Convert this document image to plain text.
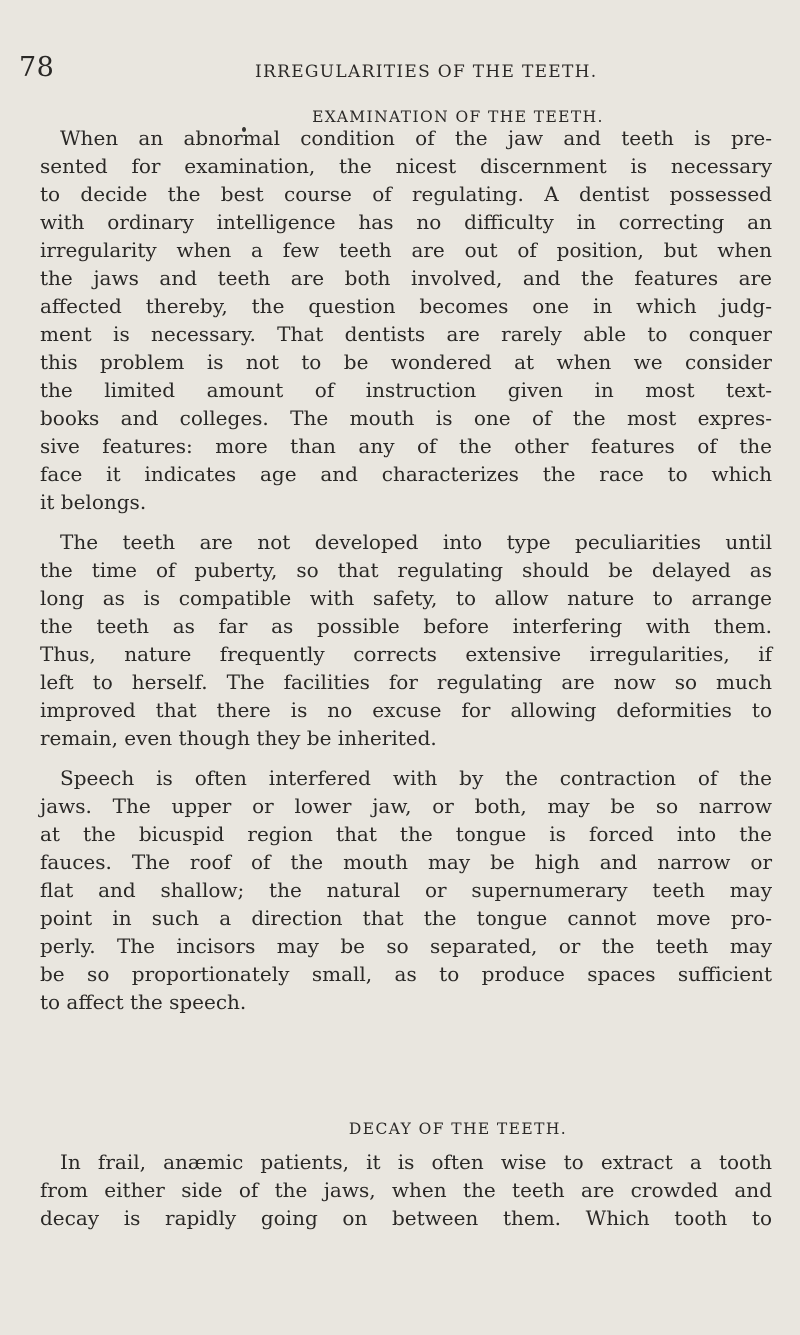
78	IRREGULARITIES OF THE TEETH.
EXAMINATION OF THE TEETH.
When an abnormal condition of the jaw and teeth is pre-
sented for examination, the nicest discernment is necessary
to decide the best course of regulating. A dentist possessed
with ordinary intelligence has no difficulty in correcting an
irregularity when a few teeth are out of position, but when
the jaws and teeth are both involved, and the features are
affected thereby, the question becomes one in which judg-
ment is necessary. That dentists are rarely able to conquer
this problem is not to be wondered at when we consider
the limited amount of instruction given in most text-
books and colleges. The mouth is one of the most expres-
sive features: more than any of the other features of the
face it indicates age and characterizes the race to which
it belongs.
The teeth are not developed into type peculiarities until
the time of puberty, so that regulating should be delayed as
long as is compatible with safety, to allow nature to arrange
the teeth as far as possible before interfering with them.
Thus, nature frequently corrects extensive irregularities, if
left to herself. The facilities for regulating are now so much
improved that there is no excuse for allowing deformities to
remain, even though they be inherited.
Speech is often interfered with by the contraction of the
jaws. The upper or lower jaw, or both, may be so narrow
at the bicuspid region that the tongue is forced into the
fauces. The roof of the mouth may be high and narrow or
flat and shallow; the natural or supernumerary teeth may
point in such a direction that the tongue cannot move pro-
perly. The incisors may be so separated, or the teeth may
be so proportionately small, as to produce spaces sufficient
to affect the speech.
DECAY OF THE TEETH.
In frail, anæmic patients, it is often wise to extract a tooth
from either side of the jaws, when the teeth are crowded and
decay is rapidly going on between them. Which tooth to
